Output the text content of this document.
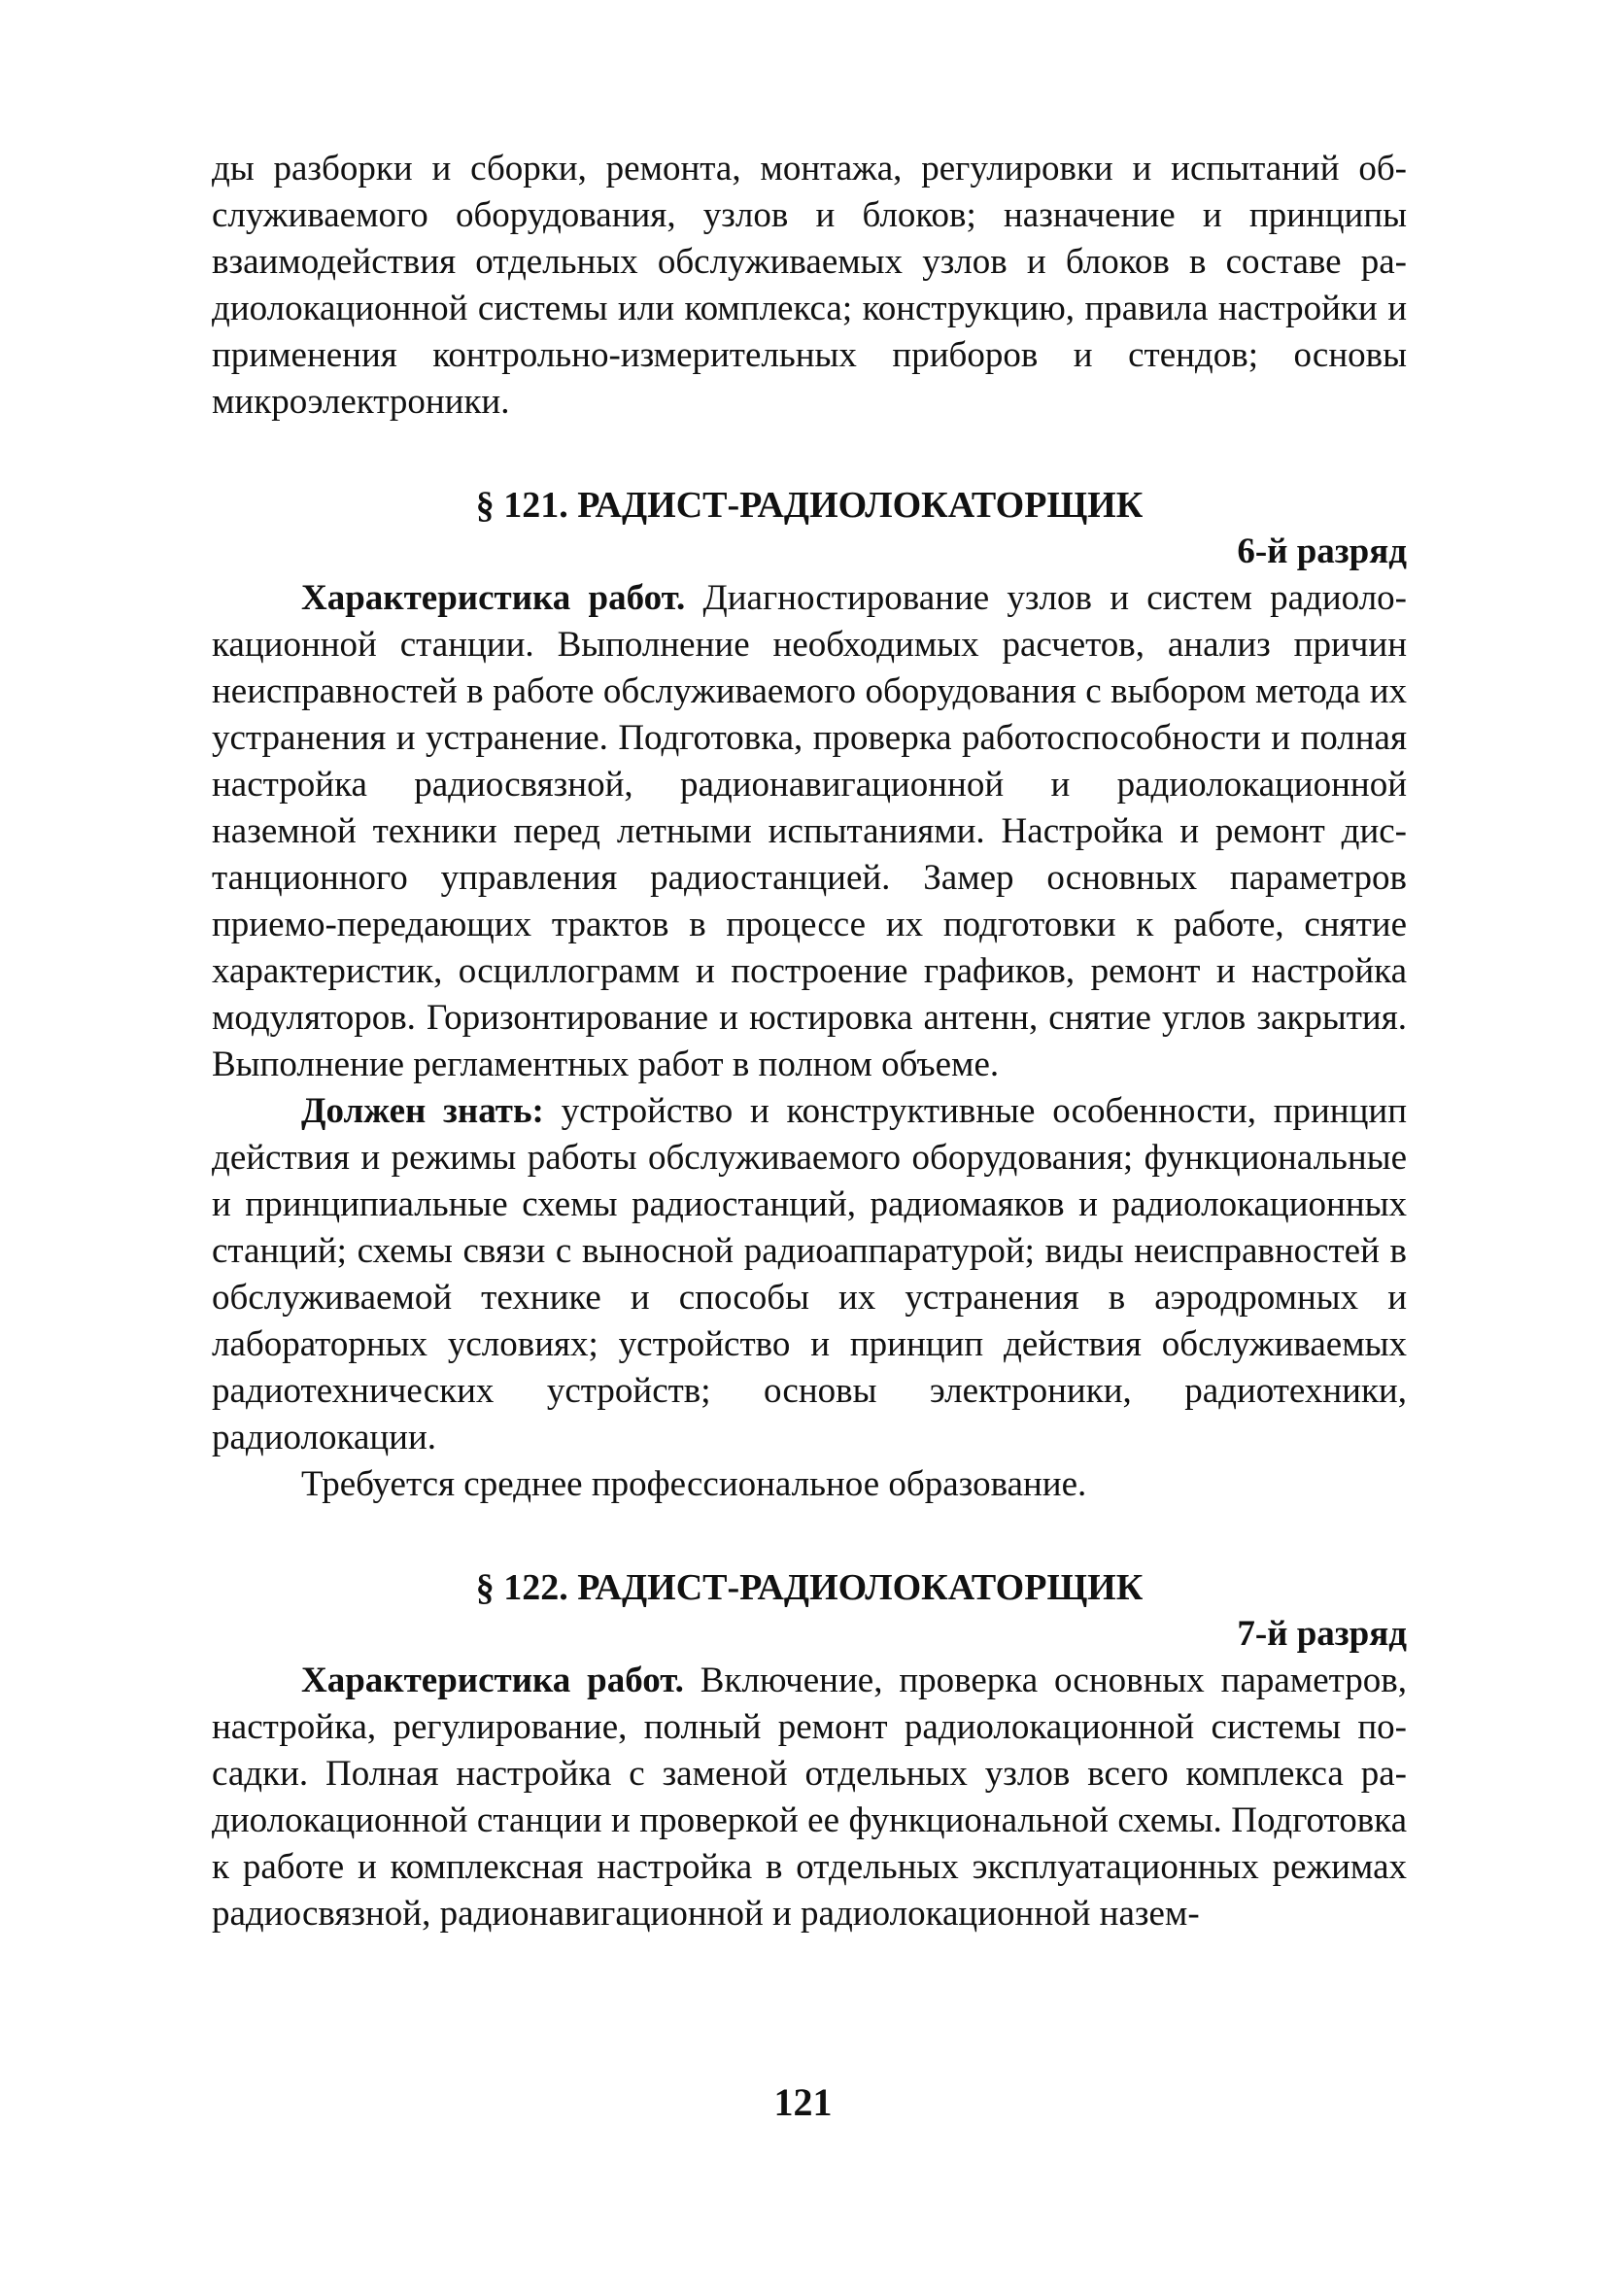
ды разборки и сборки, ремонта, монтажа, регулировки и испытаний обслуживаемого оборудования, узлов и блоков; назначение и принципы взаимодействия отдельных обслуживаемых узлов и блоков в составе радиолокационной системы или комплекса; конструкцию, правила настройки и применения контрольно-измерительных приборов и стендов; основы микроэлектроники.

§ 121. РАДИСТ-РАДИОЛОКАТОРЩИК
6-й разряд

Характеристика работ. Диагностирование узлов и систем радиолокационной станции. Выполнение необходимых расчетов, анализ причин неисправностей в работе обслуживаемого оборудования с выбором метода их устранения и устранение. Подготовка, проверка работоспособности и полная настройка радиосвязной, радионавигационной и радиолокационной наземной техники перед летными испытаниями. Настройка и ремонт дистанционного управления радиостанцией. Замер основных параметров приемо-передающих трактов в процессе их подготовки к работе, снятие характеристик, осциллограмм и построение графиков, ремонт и настройка модуляторов. Горизонтирование и юстировка антенн, снятие углов закрытия. Выполнение регламентных работ в полном объеме.

Должен знать: устройство и конструктивные особенности, принцип действия и режимы работы обслуживаемого оборудования; функциональные и принципиальные схемы радиостанций, радиомаяков и радиолокационных станций; схемы связи с выносной радиоаппаратурой; виды неисправностей в обслуживаемой технике и способы их устранения в аэродромных и лабораторных условиях; устройство и принцип действия обслуживаемых радиотехнических устройств; основы электроники, радиотехники, радиолокации.

Требуется среднее профессиональное образование.

§ 122. РАДИСТ-РАДИОЛОКАТОРЩИК
7-й разряд

Характеристика работ. Включение, проверка основных параметров, настройка, регулирование, полный ремонт радиолокационной системы посадки. Полная настройка с заменой отдельных узлов всего комплекса радиолокационной станции и проверкой ее функциональной схемы. Подготовка к работе и комплексная настройка в отдельных эксплуатационных режимах радиосвязной, радионавигационной и радиолокационной назем-

121
